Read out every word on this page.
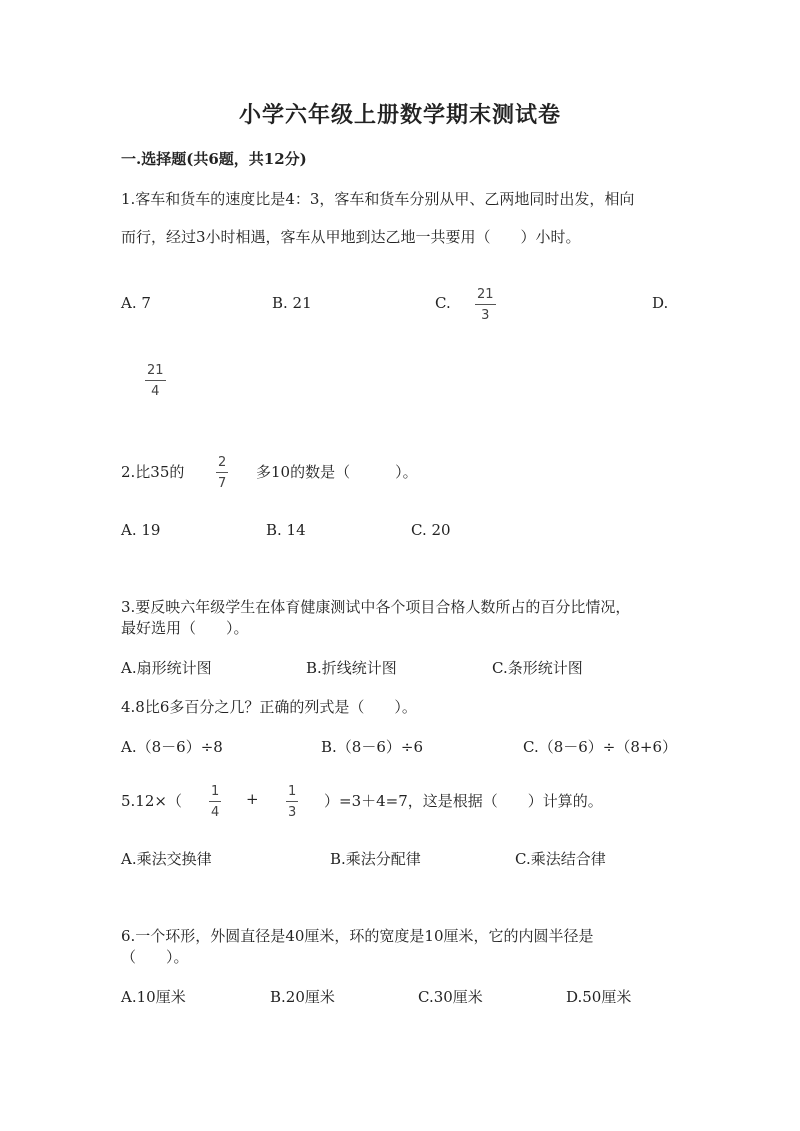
小学六年级上册数学期末测试卷
一.选择题(共6题，共12分)
1.客车和货车的速度比是4：3，客车和货车分别从甲、乙两地同时出发，相向
而行，经过3小时相遇，客车从甲地到达乙地一共要用（　　）小时。
A. 7	B. 21	C. 21
3
D.
21
4
2.比35的
2
7
多10的数是（　　　）。
A. 19	B. 14	C. 20
3.要反映六年级学生在体育健康测试中各个项目合格人数所占的百分比情况，
最好选用（　　）。
A.扇形统计图	B.折线统计图	C.条形统计图
4.8比6多百分之几？正确的列式是（　　）。
A.（8－6）÷8	B.（8－6）÷6	C.（8－6）÷（8+6）
5.12×（
1
4
+ 1
3
）=3＋4=7，这是根据（　　）计算的。
A.乘法交换律	B.乘法分配律	C.乘法结合律
6.一个环形，外圆直径是40厘米，环的宽度是10厘米，它的内圆半径是
（　　）。
A.10厘米	B.20厘米	C.30厘米	D.50厘米
